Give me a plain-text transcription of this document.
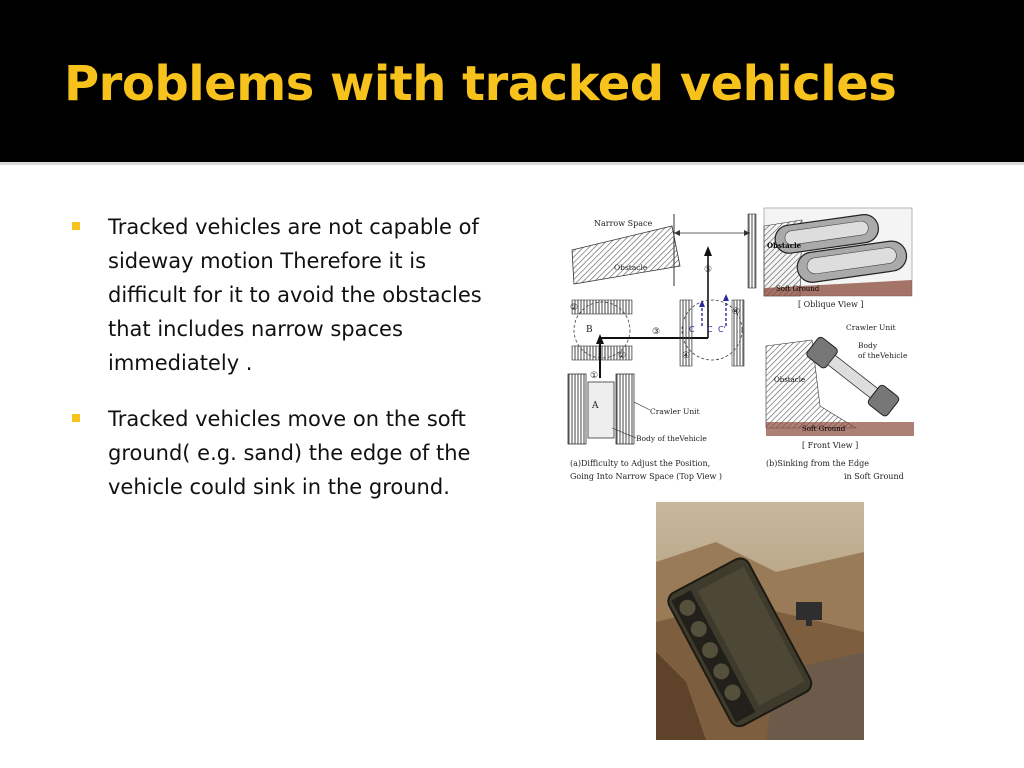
Problems with tracked vehicles
Tracked vehicles are not capable of sideway motion Therefore it is difficult for it to avoid the obstacles that includes narrow spaces immediately .
Tracked vehicles move on the soft ground( e.g. sand) the edge of the vehicle could sink in the ground.
Narrow Space
Obstacle
B
②
②
⑤
③	C C C'
④
④
A
①
Crawler Unit
Body of theVehicle
(a)Difficulty to Adjust the Position,
Going Into Narrow Space (Top View )
Obstacle
Soft Ground
[ Oblique View ]
Obstacle
Crawler Unit
Body
of theVehicle
Soft Ground
[ Front View ]
(b)Sinking from the Edge
in Soft Ground
